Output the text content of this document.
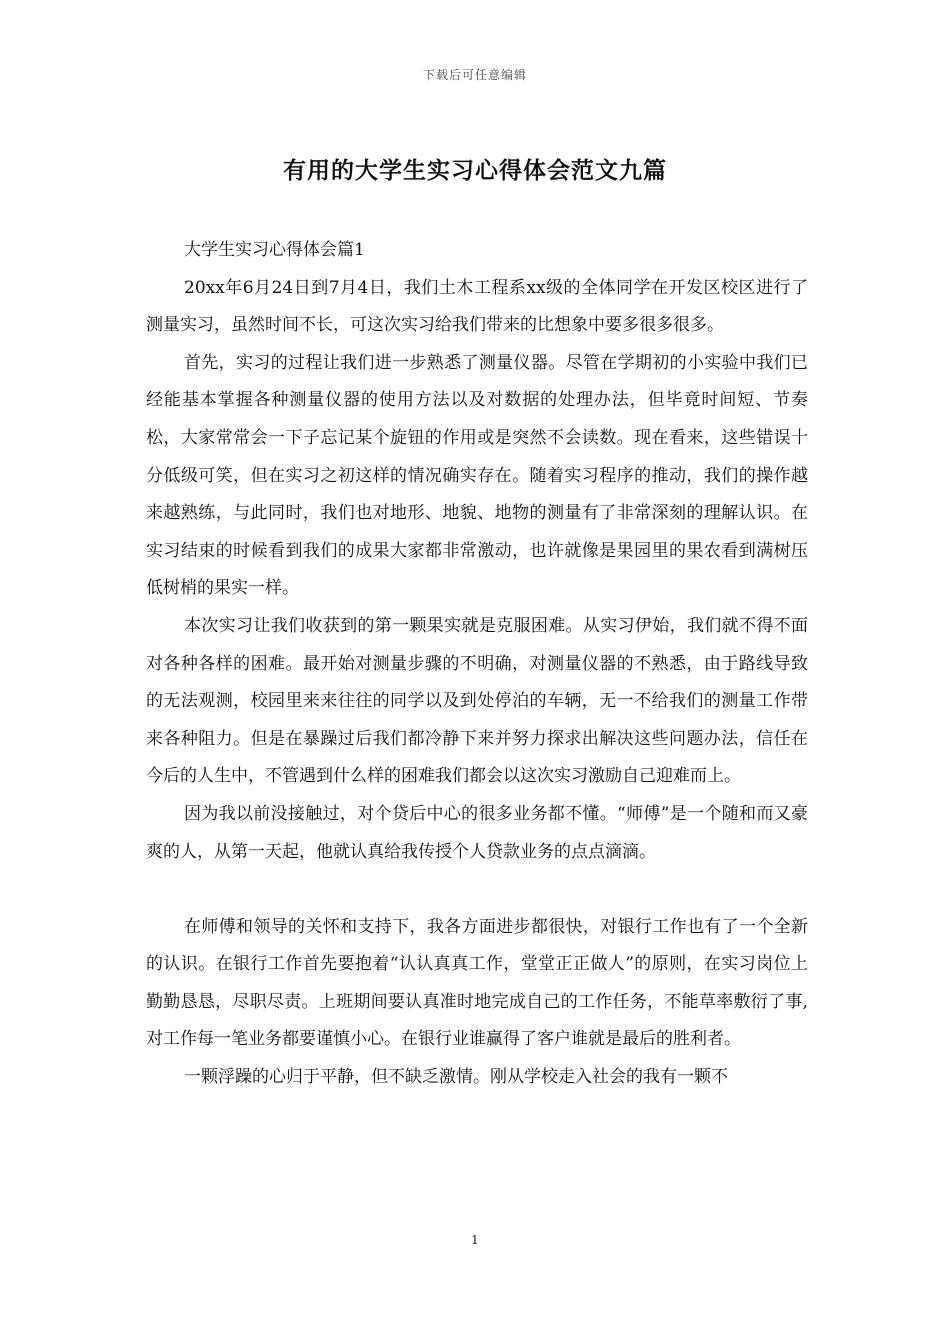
下载后可任意编辑
有用的大学生实习心得体会范文九篇

大学生实习心得体会篇1

20xx年6月24日到7月4日，我们土木工程系xx级的全体同学在开发区校区进行了测量实习，虽然时间不长，可这次实习给我们带来的比想象中要多很多很多。

首先，实习的过程让我们进一步熟悉了测量仪器。尽管在学期初的小实验中我们已经能基本掌握各种测量仪器的使用方法以及对数据的处理办法，但毕竟时间短、节奏松，大家常常会一下子忘记某个旋钮的作用或是突然不会读数。现在看来，这些错误十分低级可笑，但在实习之初这样的情况确实存在。随着实习程序的推动，我们的操作越来越熟练，与此同时，我们也对地形、地貌、地物的测量有了非常深刻的理解认识。在实习结束的时候看到我们的成果大家都非常激动，也许就像是果园里的果农看到满树压低树梢的果实一样。

本次实习让我们收获到的第一颗果实就是克服困难。从实习伊始，我们就不得不面对各种各样的困难。最开始对测量步骤的不明确，对测量仪器的不熟悉，由于路线导致的无法观测，校园里来来往往的同学以及到处停泊的车辆，无一不给我们的测量工作带来各种阻力。但是在暴躁过后我们都冷静下来并努力探求出解决这些问题办法，信任在今后的人生中，不管遇到什么样的困难我们都会以这次实习激励自己迎难而上。

因为我以前没接触过，对个贷后中心的很多业务都不懂。“师傅”是一个随和而又豪爽的人，从第一天起，他就认真给我传授个人贷款业务的点点滴滴。

在师傅和领导的关怀和支持下，我各方面进步都很快，对银行工作也有了一个全新的认识。在银行工作首先要抱着“认认真真工作，堂堂正正做人”的原则，在实习岗位上勤勤恳恳，尽职尽责。上班期间要认真准时地完成自己的工作任务，不能草率敷衍了事,对工作每一笔业务都要谨慎小心。在银行业谁赢得了客户谁就是最后的胜利者。

一颗浮躁的心归于平静，但不缺乏激情。刚从学校走入社会的我有一颗不

1
